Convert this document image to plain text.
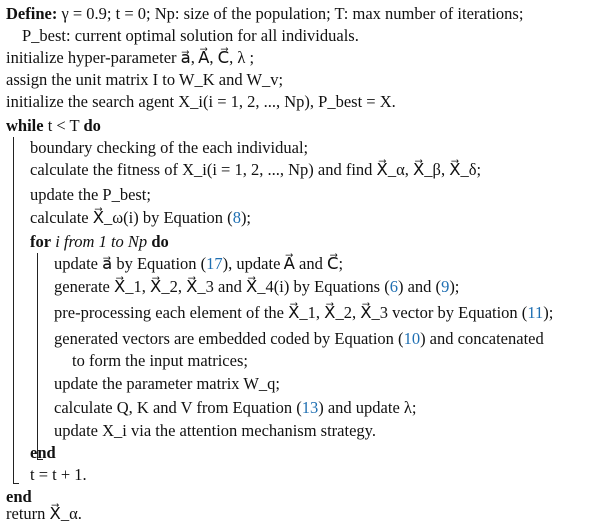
Define: γ = 0.9; t = 0; Np: size of the population; T: max number of iterations;
P_best: current optimal solution for all individuals.
initialize hyper-parameter a⃗, A⃗, C⃗, λ ;
assign the unit matrix I to W_K and W_v;
initialize the search agent X_i(i = 1, 2, ..., Np), P_best = X.
while t < T do
boundary checking of the each individual;
calculate the fitness of X_i(i = 1, 2, ..., Np) and find X⃗_α, X⃗_β, X⃗_δ;
update the P_best;
calculate X⃗_ω(i) by Equation (8);
for i from 1 to Np do
update a⃗ by Equation (17), update A⃗ and C⃗;
generate X⃗_1, X⃗_2, X⃗_3 and X⃗_4(i) by Equations (6) and (9);
pre-processing each element of the X⃗_1, X⃗_2, X⃗_3 vector by Equation (11);
generated vectors are embedded coded by Equation (10) and concatenated
to form the input matrices;
update the parameter matrix W_q;
calculate Q, K and V from Equation (13) and update λ;
update X_i via the attention mechanism strategy.
end
t = t + 1.
end
return X⃗_α.
